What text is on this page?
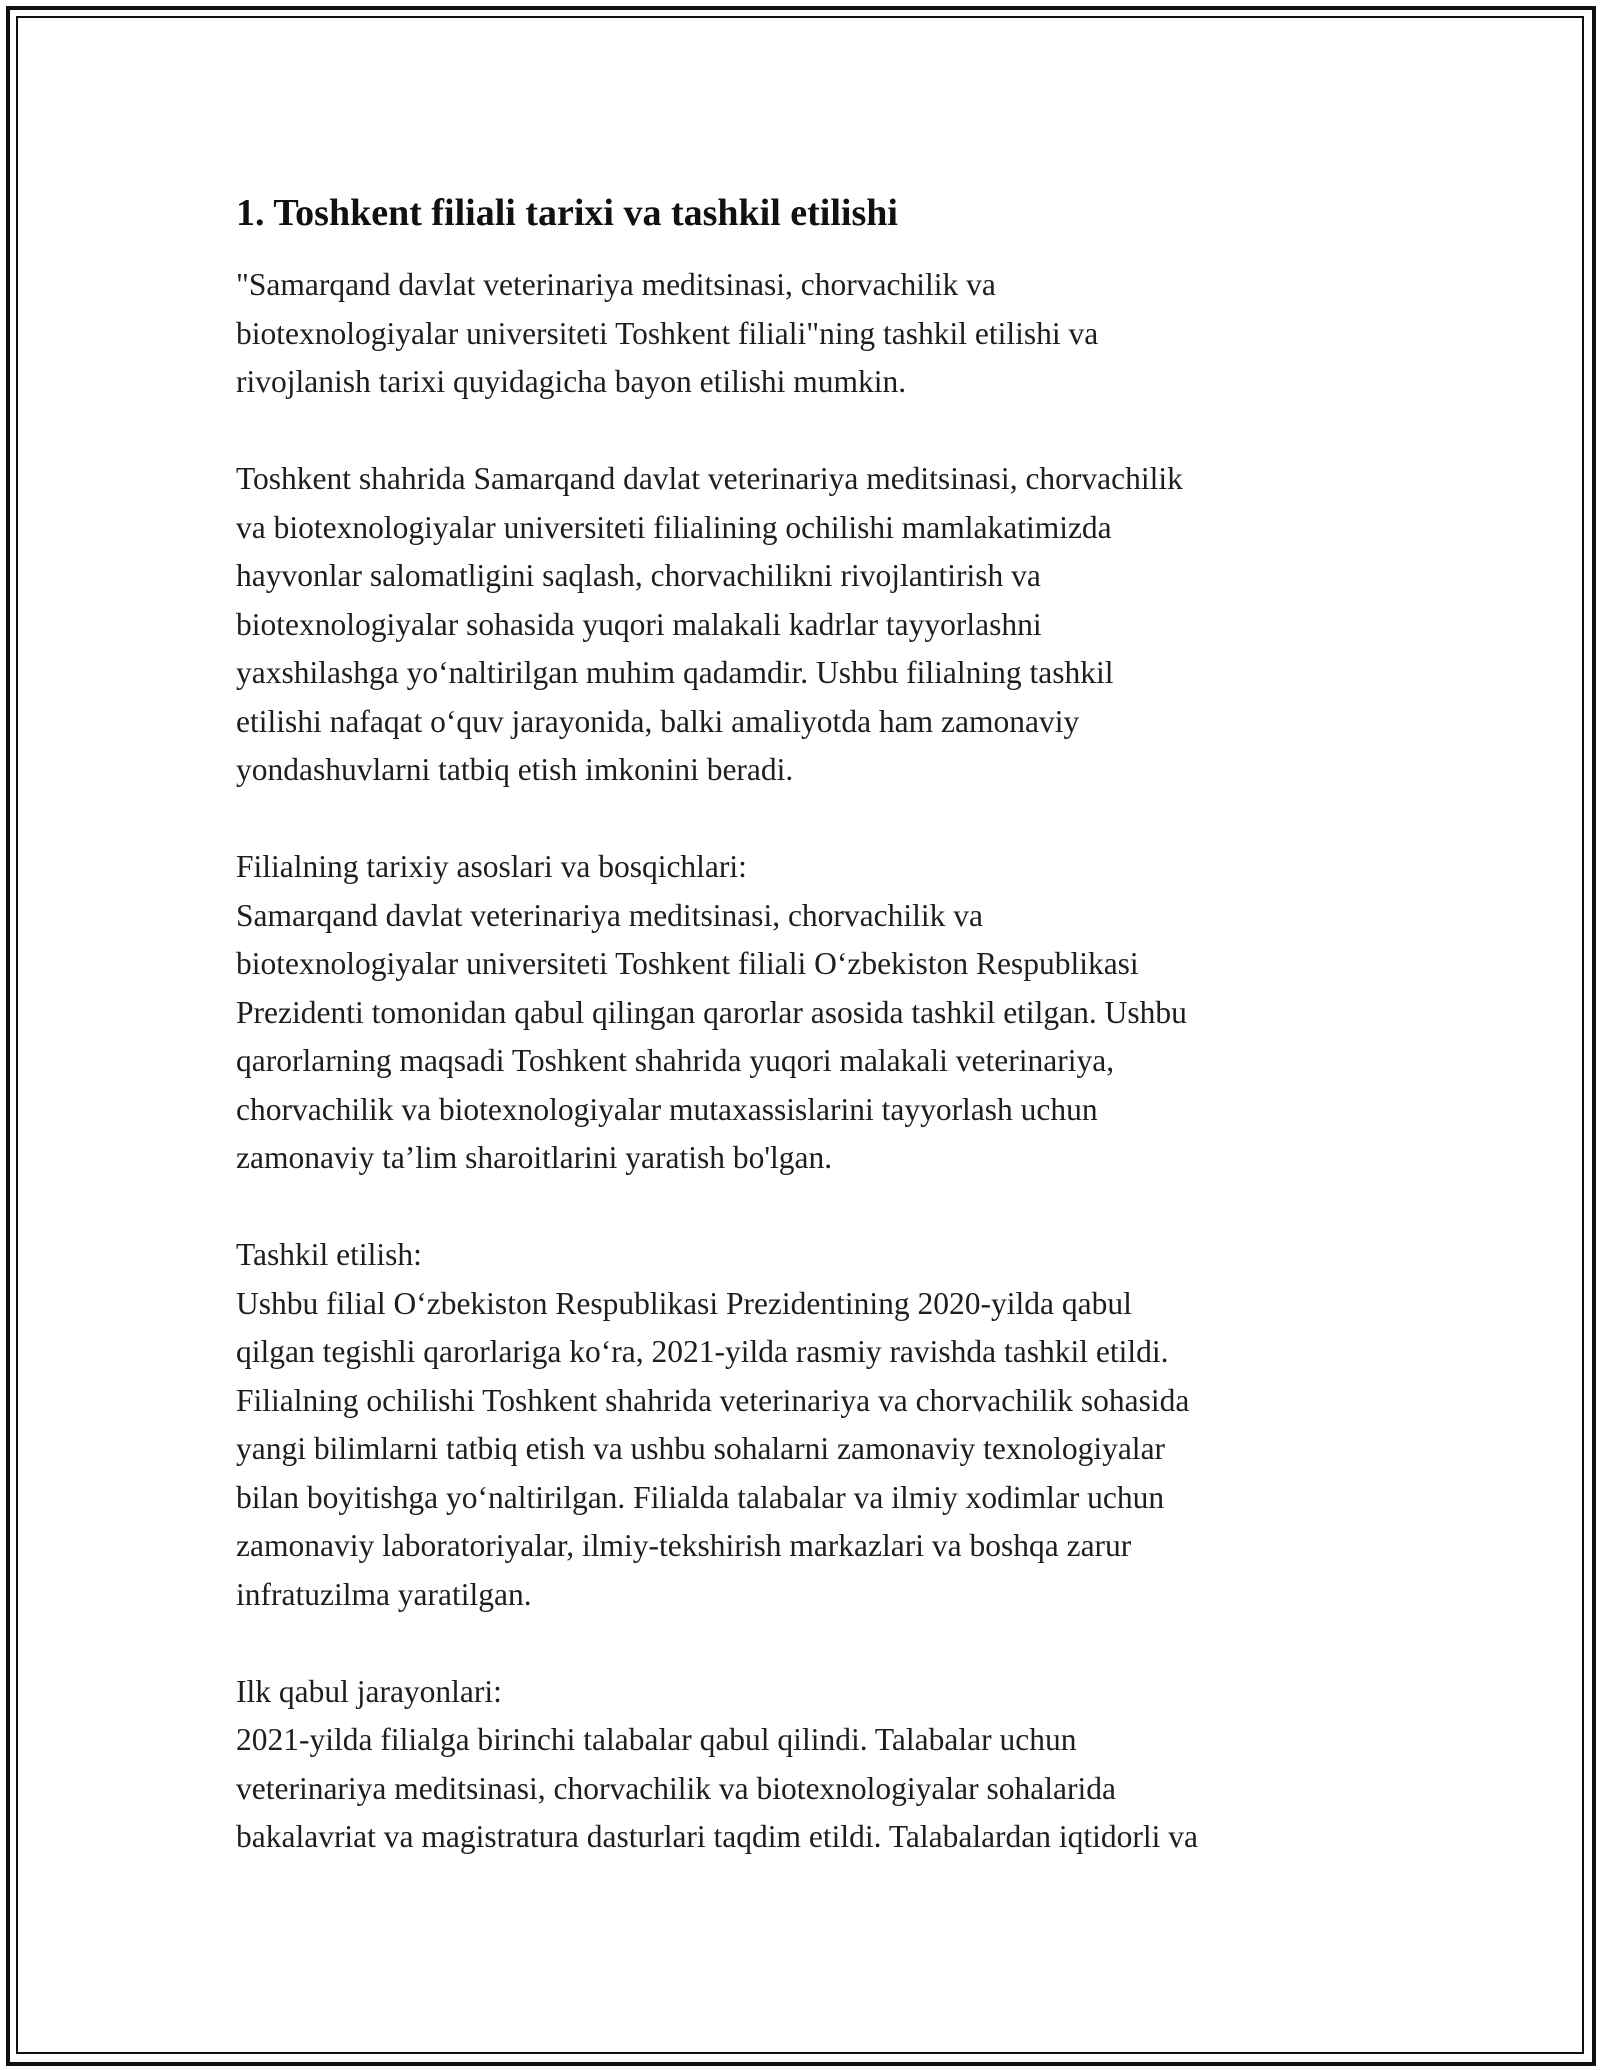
1. Toshkent filiali tarixi va tashkil etilishi

"Samarqand davlat veterinariya meditsinasi, chorvachilik va
biotexnologiyalar universiteti Toshkent filiali"ning tashkil etilishi va
rivojlanish tarixi quyidagicha bayon etilishi mumkin.

Toshkent shahrida Samarqand davlat veterinariya meditsinasi, chorvachilik
va biotexnologiyalar universiteti filialining ochilishi mamlakatimizda
hayvonlar salomatligini saqlash, chorvachilikni rivojlantirish va
biotexnologiyalar sohasida yuqori malakali kadrlar tayyorlashni
yaxshilashga yo‘naltirilgan muhim qadamdir. Ushbu filialning tashkil
etilishi nafaqat o‘quv jarayonida, balki amaliyotda ham zamonaviy
yondashuvlarni tatbiq etish imkonini beradi.

Filialning tarixiy asoslari va bosqichlari:
Samarqand davlat veterinariya meditsinasi, chorvachilik va
biotexnologiyalar universiteti Toshkent filiali O‘zbekiston Respublikasi
Prezidenti tomonidan qabul qilingan qarorlar asosida tashkil etilgan. Ushbu
qarorlarning maqsadi Toshkent shahrida yuqori malakali veterinariya,
chorvachilik va biotexnologiyalar mutaxassislarini tayyorlash uchun
zamonaviy ta’lim sharoitlarini yaratish bo'lgan.

Tashkil etilish:
Ushbu filial O‘zbekiston Respublikasi Prezidentining 2020-yilda qabul
qilgan tegishli qarorlariga ko‘ra, 2021-yilda rasmiy ravishda tashkil etildi.
Filialning ochilishi Toshkent shahrida veterinariya va chorvachilik sohasida
yangi bilimlarni tatbiq etish va ushbu sohalarni zamonaviy texnologiyalar
bilan boyitishga yo‘naltirilgan. Filialda talabalar va ilmiy xodimlar uchun
zamonaviy laboratoriyalar, ilmiy-tekshirish markazlari va boshqa zarur
infratuzilma yaratilgan.

Ilk qabul jarayonlari:
2021-yilda filialga birinchi talabalar qabul qilindi. Talabalar uchun
veterinariya meditsinasi, chorvachilik va biotexnologiyalar sohalarida
bakalavriat va magistratura dasturlari taqdim etildi. Talabalardan iqtidorli va
